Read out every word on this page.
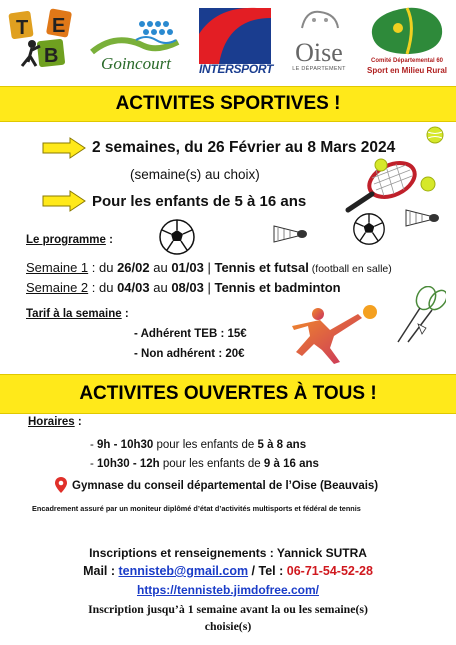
T E
B	Goincourt	INTERSPORT
Oise
LE DÉPARTEMENT
Comité Départemental 60
Sport en Milieu Rural
ACTIVITES SPORTIVES !
2 semaines, du 26 Février au 8 Mars 2024
(semaine(s) au choix)
Pour les enfants de 5 à 16 ans
Le programme :
Semaine 1 : du 26/02 au 01/03 | Tennis et futsal (football en salle)
Semaine 2 : du 04/03 au 08/03 | Tennis et badminton
Tarif à la semaine :
- Adhérent TEB : 15€
- Non adhérent : 20€
ACTIVITES OUVERTES À TOUS !
Horaires :
- 9h - 10h30 pour les enfants de 5 à 8 ans
- 10h30 - 12h pour les enfants de 9 à 16 ans
Gymnase du conseil départemental de l’Oise (Beauvais)
Encadrement assuré par un moniteur diplômé d’état d’activités multisports et fédéral de tennis
Inscriptions et renseignements : Yannick SUTRA
Mail : tennisteb@gmail.com / Tel : 06-71-54-52-28
https://tennisteb.jimdofree.com/
Inscription jusqu’à 1 semaine avant la ou les semaine(s)
choisie(s)
